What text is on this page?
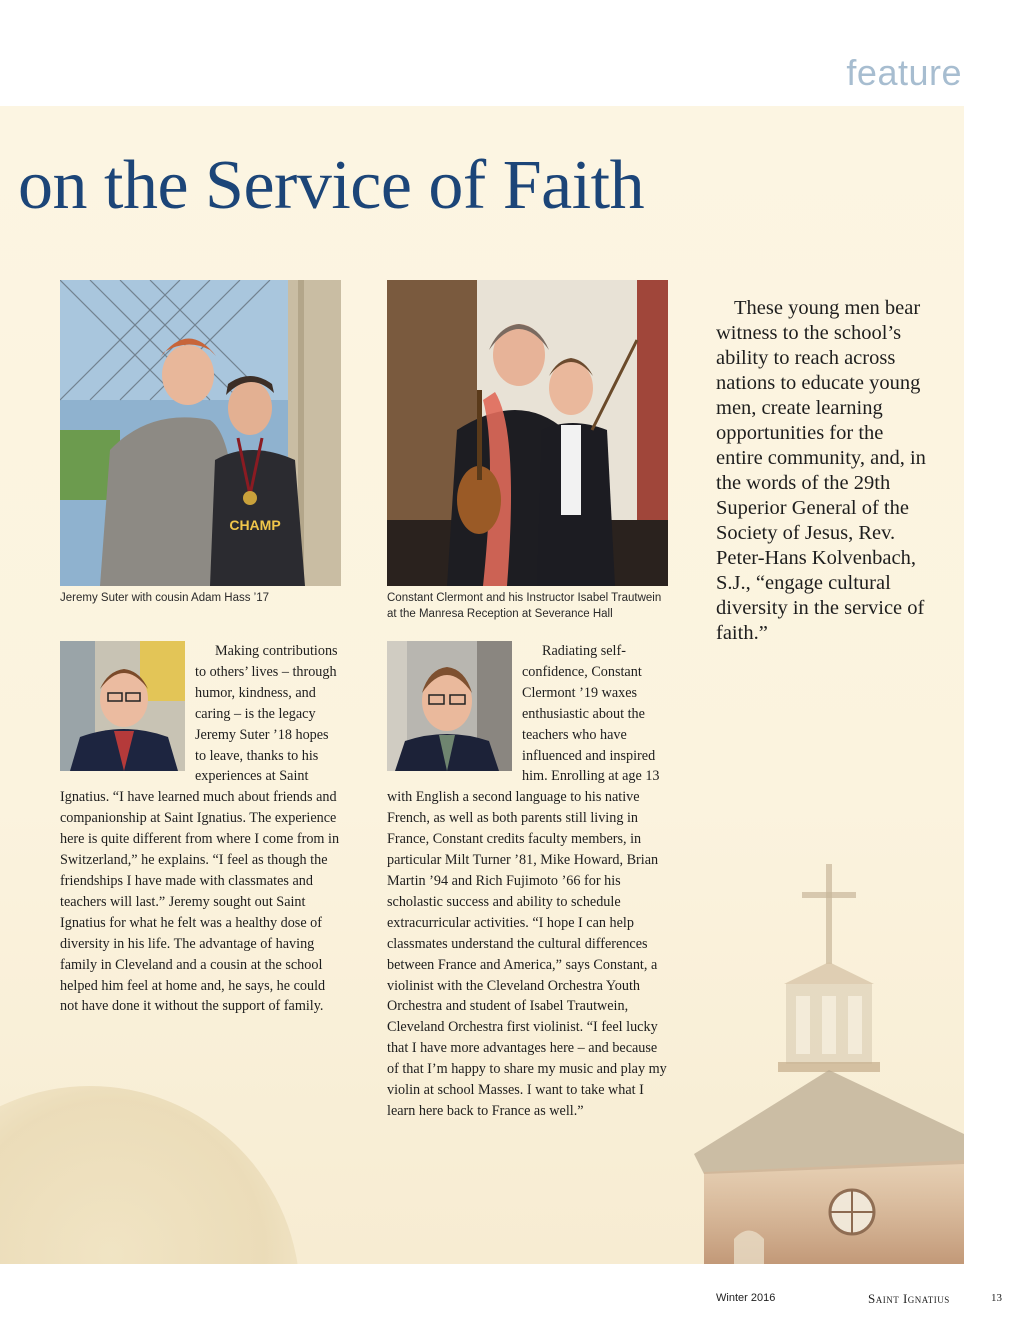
feature
on the Service of Faith
CHAMP

Jeremy Suter with cousin Adam Hass ’17	Constant Clermont and his Instructor Isabel Trautwein
at the Manresa Reception at Severance Hall

Making contributions to others’ lives – through humor, kindness, and caring – is the legacy Jeremy Suter ’18 hopes to leave, thanks to his experiences at Saint Ignatius. “I have learned much about friends and companionship at Saint Ignatius. The experience here is quite different from where I come from in Switzerland,” he explains. “I feel as though the friendships I have made with classmates and teachers will last.” Jeremy sought out Saint Ignatius for what he felt was a healthy dose of diversity in his life. The advantage of having family in Cleveland and a cousin at the school helped him feel at home and, he says, he could not have done it without the support of family.
Radiating self-confidence, Constant Clermont ’19 waxes enthusiastic about the teachers who have influenced and inspired him. Enrolling at age 13 with English a second language to his native French, as well as both parents still living in France, Constant credits faculty members, in particular Milt Turner ’81, Mike Howard, Brian Martin ’94 and Rich Fujimoto ’66 for his scholastic success and ability to schedule extracurricular activities. “I hope I can help classmates understand the cultural differences between France and America,” says Constant, a violinist with the Cleveland Orchestra Youth Orchestra and student of Isabel Trautwein, Cleveland Orchestra first violinist. “I feel lucky that I have more advantages here – and because of that I’m happy to share my music and play my violin at school Masses. I want to take what I learn here back to France as well.”

These young men bear witness to the school’s ability to reach across nations to educate young men, create learning opportunities for the entire community, and, in the words of the 29th Superior General of the Society of Jesus, Rev. Peter-Hans Kolvenbach, S.J., “engage cultural diversity in the service of faith.”

Winter 2016	Saint Ignatius	13
